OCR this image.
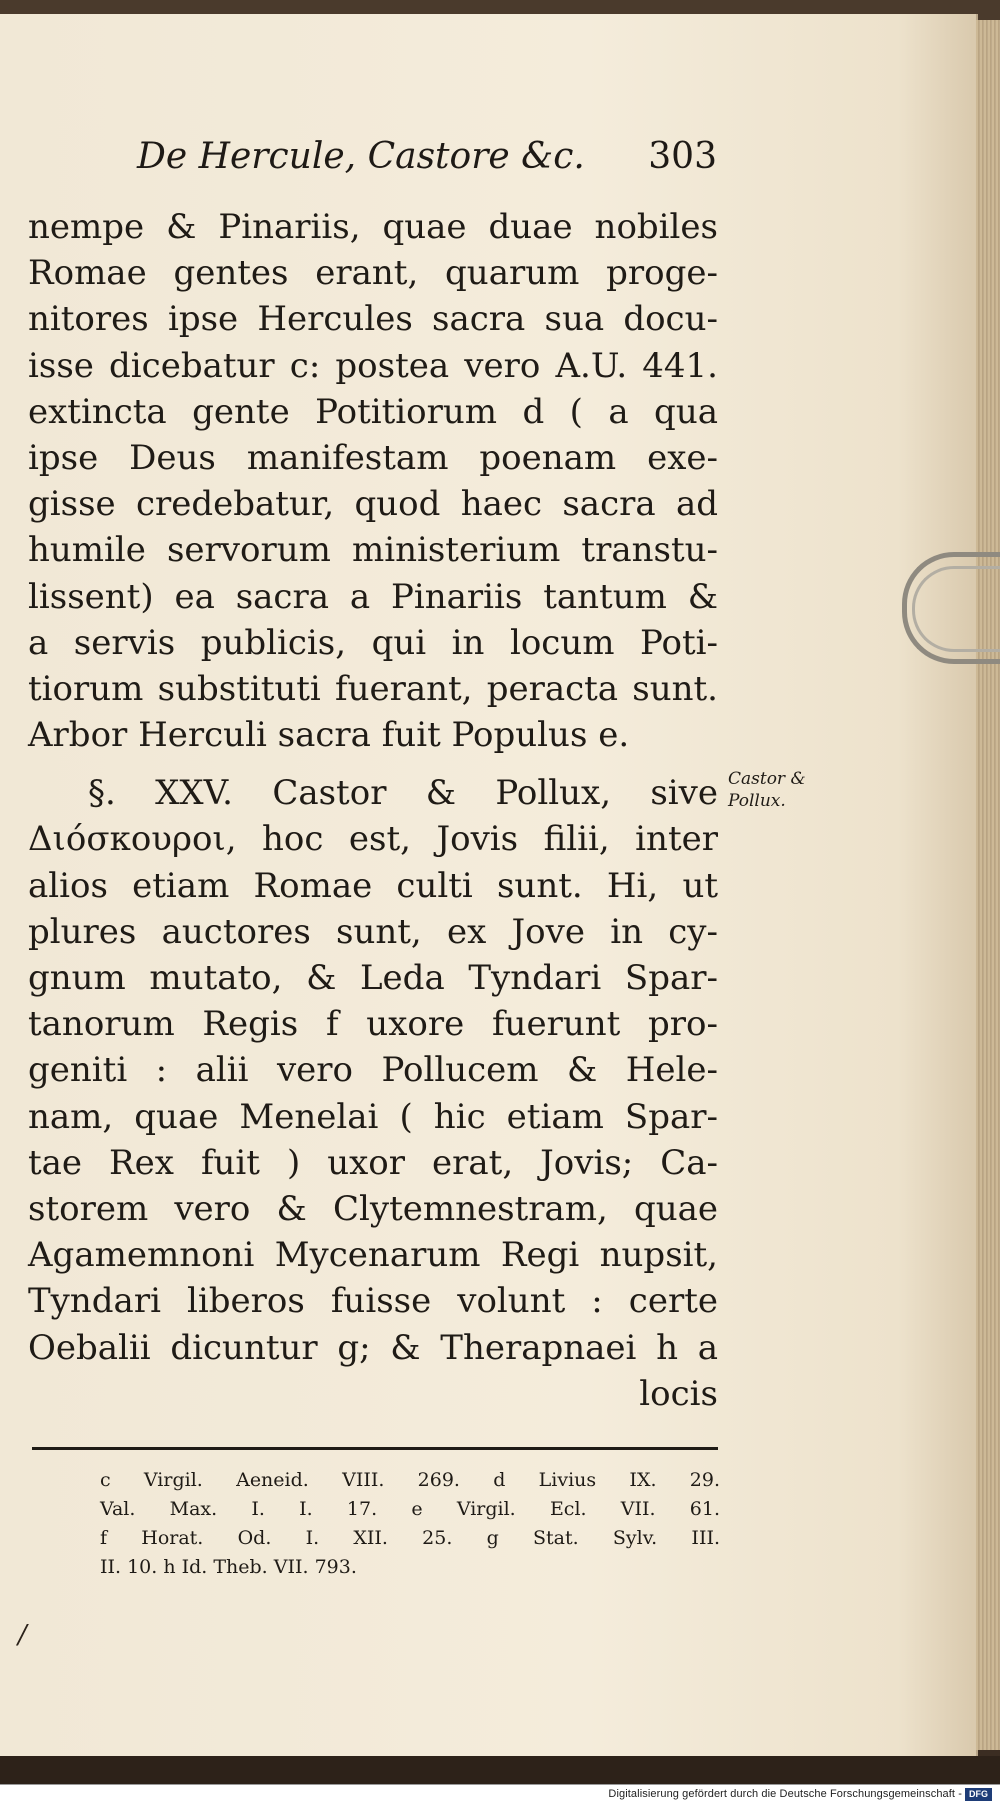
De Hercule, Castore &c. 303
nempe & Pinariis, quae duae nobiles
Romae gentes erant, quarum proge-
nitores ipse Hercules sacra sua docu-
isse dicebatur c: postea vero A.U. 441.
extincta gente Potitiorum d ( a qua
ipse Deus manifestam poenam exe-
gisse credebatur, quod haec sacra ad
humile servorum ministerium transtu-
lissent) ea sacra a Pinariis tantum &
a servis publicis, qui in locum Poti-
tiorum substituti fuerant, peracta sunt.
Arbor Herculi sacra fuit Populus e.
§. XXV. Castor & Pollux, sive
Διόσκουροι, hoc est, Jovis filii, inter
alios etiam Romae culti sunt. Hi, ut
plures auctores sunt, ex Jove in cy-
gnum mutato, & Leda Tyndari Spar-
tanorum Regis f uxore fuerunt pro-
geniti : alii vero Pollucem & Hele-
nam, quae Menelai ( hic etiam Spar-
tae Rex fuit ) uxor erat, Jovis; Ca-
storem vero & Clytemnestram, quae
Agamemnoni Mycenarum Regi nupsit,
Tyndari liberos fuisse volunt : certe
Oebalii dicuntur g; & Therapnaei h a
locis
Castor &
Pollux.
c Virgil. Aeneid. VIII. 269. d Livius IX. 29.
Val. Max. I. I. 17. e Virgil. Ecl. VII. 61.
f Horat. Od. I. XII. 25. g Stat. Sylv. III.
II. 10. h Id. Theb. VII. 793.
/
Digitalisierung gefördert durch die Deutsche Forschungsgemeinschaft - DFG
